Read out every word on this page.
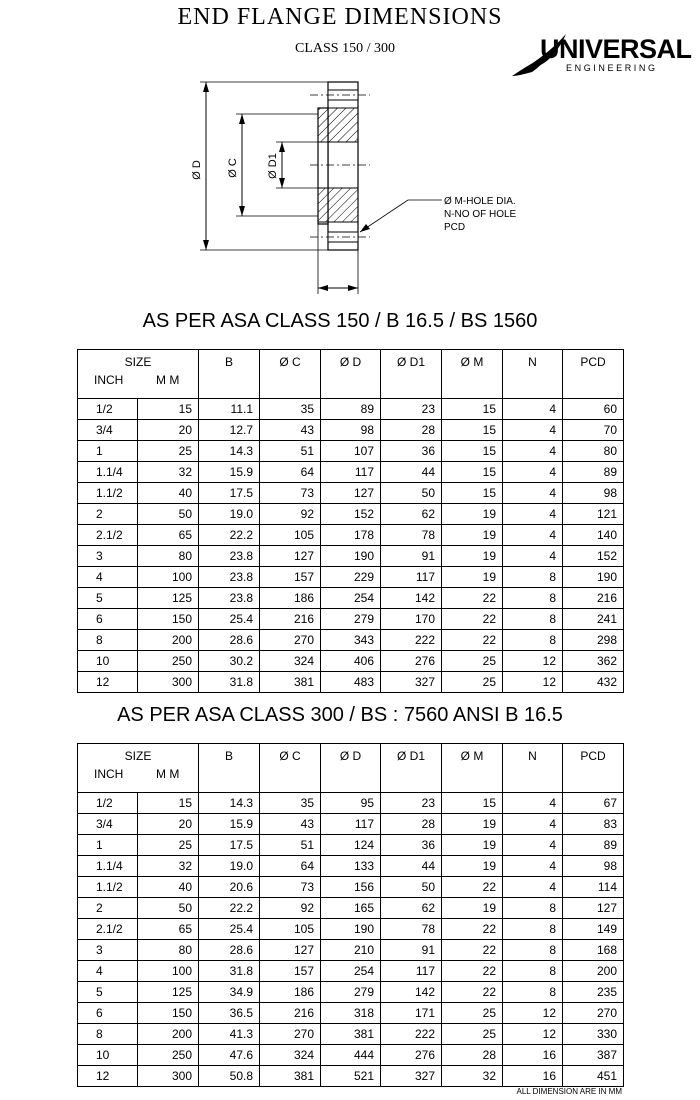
END FLANGE DIMENSIONS
CLASS 150 / 300	UNIVERSAL
ENGINEERING
Ø D Ø C	Ø D1
Ø M-HOLE DIA.
N-NO OF HOLE
PCD
AS PER ASA CLASS 150 / B 16.5 / BS 1560
SIZE
INCH M M		B	Ø C	Ø D	Ø D1	Ø M	N	PCD
1/2	15	11.1	35	89	23	15	4	60
3/4	20	12.7	43	98	28	15	4	70
1	25	14.3	51	107	36	15	4	80
1.1/4	32	15.9	64	117	44	15	4	89
1.1/2	40	17.5	73	127	50	15	4	98
2	50	19.0	92	152	62	19	4	121
2.1/2	65	22.2	105	178	78	19	4	140
3	80	23.8	127	190	91	19	4	152
4	100	23.8	157	229	117	19	8	190
5	125	23.8	186	254	142	22	8	216
6	150	25.4	216	279	170	22	8	241
8	200	28.6	270	343	222	22	8	298
10	250	30.2	324	406	276	25	12	362
12	300	31.8	381	483	327	25	12	432
AS PER ASA CLASS 300 / BS : 7560 ANSI B 16.5
SIZE
INCH M M		B	Ø C	Ø D	Ø D1	Ø M	N	PCD
1/2	15	14.3	35	95	23	15	4	67
3/4	20	15.9	43	117	28	19	4	83
1	25	17.5	51	124	36	19	4	89
1.1/4	32	19.0	64	133	44	19	4	98
1.1/2	40	20.6	73	156	50	22	4	114
2	50	22.2	92	165	62	19	8	127
2.1/2	65	25.4	105	190	78	22	8	149
3	80	28.6	127	210	91	22	8	168
4	100	31.8	157	254	117	22	8	200
5	125	34.9	186	279	142	22	8	235
6	150	36.5	216	318	171	25	12	270
8	200	41.3	270	381	222	25	12	330
10	250	47.6	324	444	276	28	16	387
12	300	50.8	381	521	327	32	16	451
ALL DIMENSION ARE IN MM
